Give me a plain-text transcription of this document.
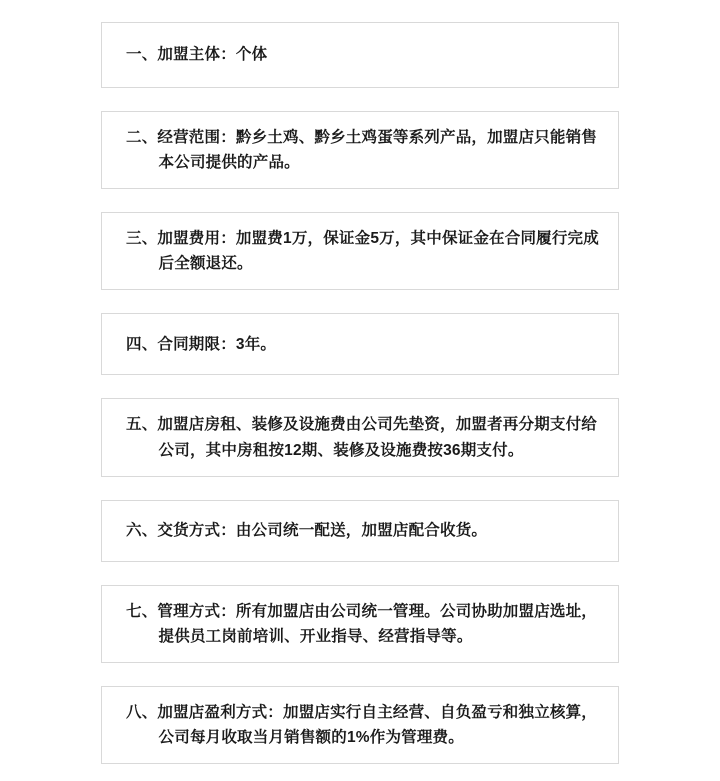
一、加盟主体：个体
二、经营范围：黔乡土鸡、黔乡土鸡蛋等系列产品，加盟店只能销售本公司提供的产品。
三、加盟费用：加盟费1万，保证金5万，其中保证金在合同履行完成后全额退还。
四、合同期限：3年。
五、加盟店房租、装修及设施费由公司先垫资，加盟者再分期支付给公司，其中房租按12期、装修及设施费按36期支付。
六、交货方式：由公司统一配送，加盟店配合收货。
七、管理方式：所有加盟店由公司统一管理。公司协助加盟店选址，提供员工岗前培训、开业指导、经营指导等。
八、加盟店盈利方式：加盟店实行自主经营、自负盈亏和独立核算，公司每月收取当月销售额的1%作为管理费。
